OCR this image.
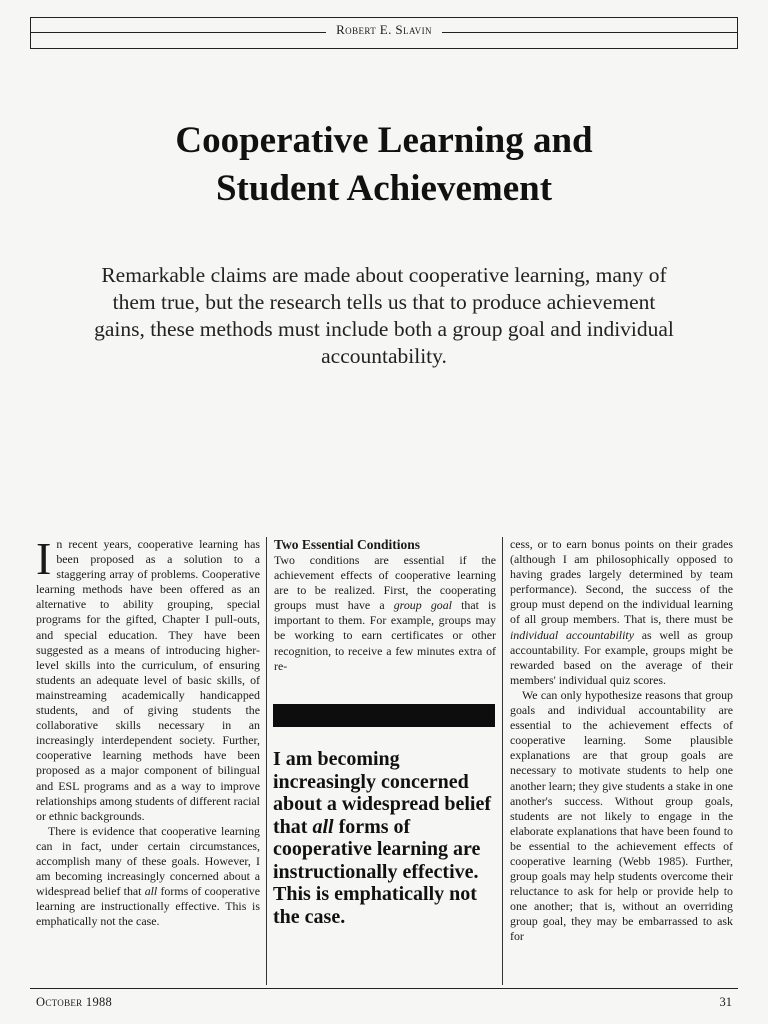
Robert E. Slavin
Cooperative Learning and
Student Achievement

Remarkable claims are made about cooperative learning, many of them true, but the research tells us that to produce achievement gains, these methods must include both a group goal and individual accountability.

In recent years, cooperative learning has been proposed as a solution to a staggering array of problems. Cooperative learning methods have been offered as an alternative to ability grouping, special programs for the gifted, Chapter I pull-outs, and special education. They have been suggested as a means of introducing higher-level skills into the curriculum, of ensuring students an adequate level of basic skills, of mainstreaming academically handicapped students, and of giving students the collaborative skills necessary in an increasingly interdependent society. Further, cooperative learning methods have been proposed as a major component of bilingual and ESL programs and as a way to improve relationships among students of different racial or ethnic backgrounds.

There is evidence that cooperative learning can in fact, under certain circumstances, accomplish many of these goals. However, I am becoming increasingly concerned about a widespread belief that all forms of cooperative learning are instructionally effective. This is emphatically not the case.

Two Essential Conditions

Two conditions are essential if the achievement effects of cooperative learning are to be realized. First, the cooperating groups must have a group goal that is important to them. For example, groups may be working to earn certificates or other recognition, to receive a few minutes extra of re-

I am becoming increasingly concerned about a widespread belief that all forms of cooperative learning are instructionally effective. This is emphatically not the case.

cess, or to earn bonus points on their grades (although I am philosophically opposed to having grades largely determined by team performance). Second, the success of the group must depend on the individual learning of all group members. That is, there must be individual accountability as well as group accountability. For example, groups might be rewarded based on the average of their members' individual quiz scores.

We can only hypothesize reasons that group goals and individual accountability are essential to the achievement effects of cooperative learning. Some plausible explanations are that group goals are necessary to motivate students to help one another learn; they give students a stake in one another's success. Without group goals, students are not likely to engage in the elaborate explanations that have been found to be essential to the achievement effects of cooperative learning (Webb 1985). Further, group goals may help students overcome their reluctance to ask for help or provide help to one another; that is, without an overriding group goal, they may be embarrassed to ask for

October 1988	31
